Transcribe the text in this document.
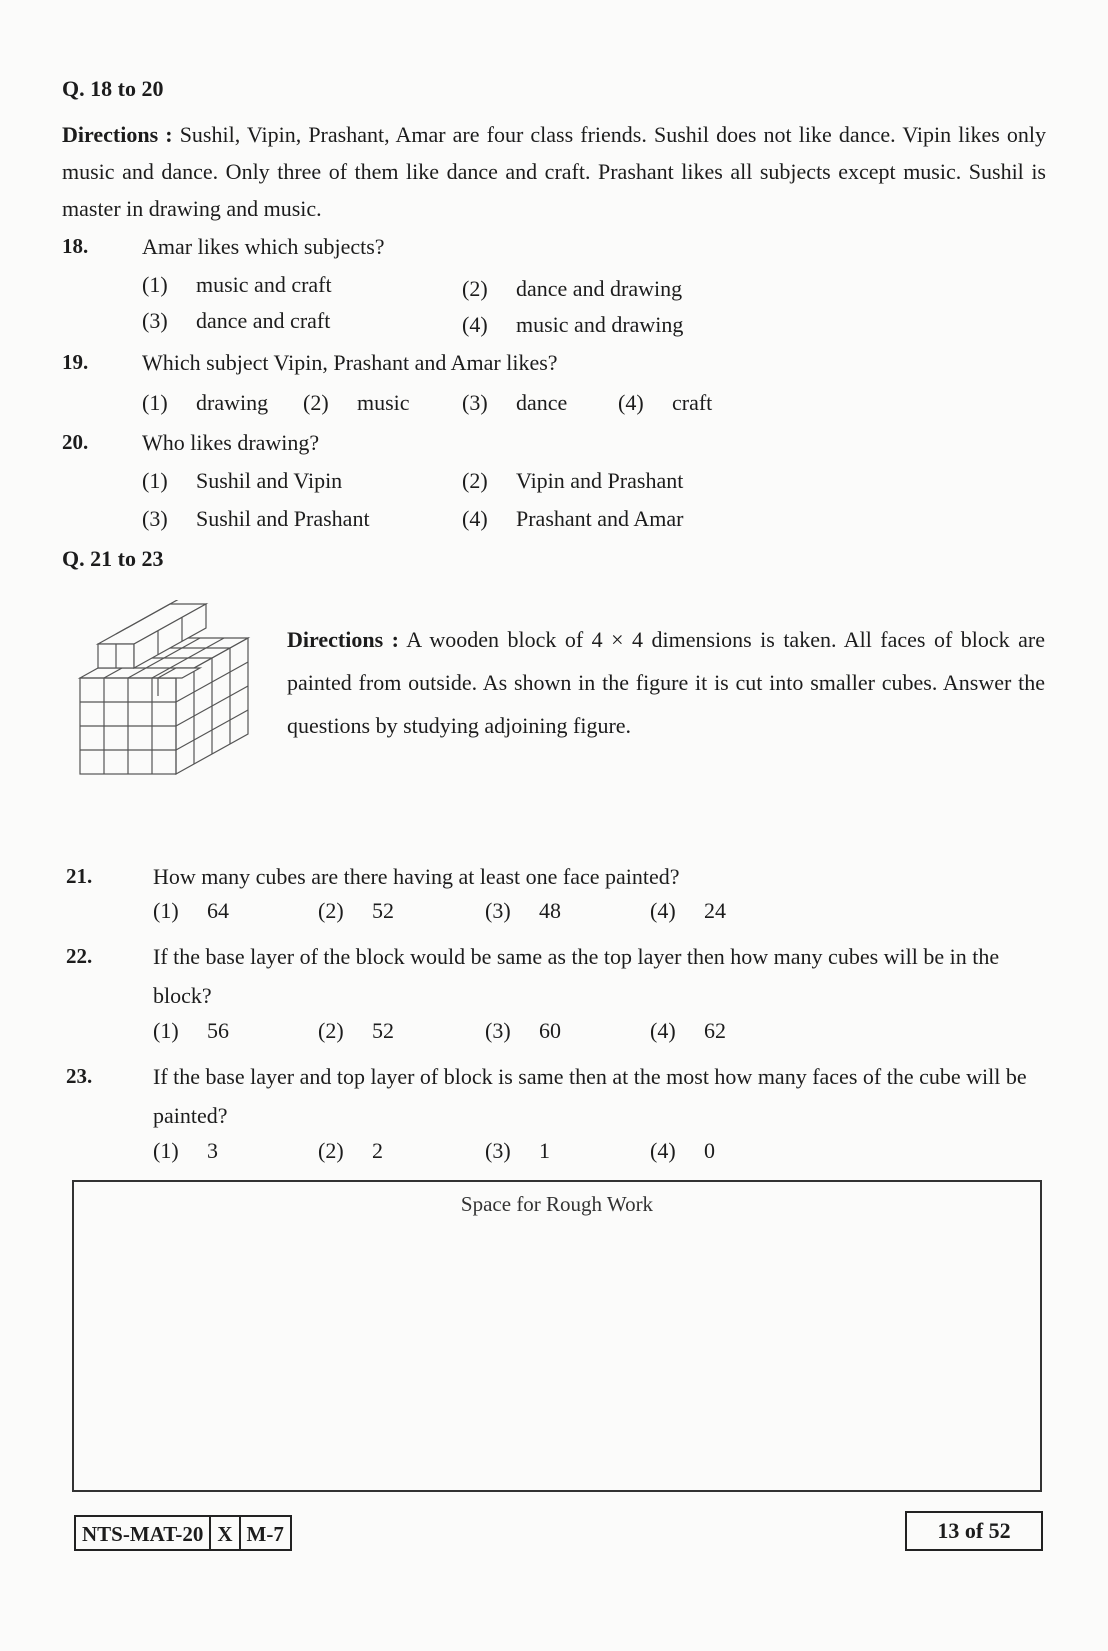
Q. 18 to 20
Directions : Sushil, Vipin, Prashant, Amar are four class friends. Sushil does not like dance. Vipin likes only music and dance. Only three of them like dance and craft. Prashant likes all subjects except music. Sushil is master in drawing and music.
18. Amar likes which subjects?
(1) music and craft	(2) dance and drawing
(3) dance and craft	(4) music and drawing
19. Which subject Vipin, Prashant and Amar likes?
(1) drawing (2) music (3) dance (4) craft
20. Who likes drawing?
(1) Sushil and Vipin	(2) Vipin and Prashant
(3) Sushil and Prashant	(4) Prashant and Amar
Q. 21 to 23
Directions : A wooden block of 4 × 4 dimensions is taken. All faces of block are painted from outside. As shown in the figure it is cut into smaller cubes. Answer the questions by studying adjoining figure.
21.	How many cubes are there having at least one face painted?
(1) 64	(2) 52	(3) 48	(4) 24
22.	If the base layer of the block would be same as the top layer then how many cubes will be in the block?
(1) 56	(2) 52	(3) 60	(4) 62
23.	If the base layer and top layer of block is same then at the most how many faces of the cube will be painted?
(1) 3	(2) 2	(3) 1	(4) 0
Space for Rough Work
NTS-MAT-20 X M-7	13 of 52
